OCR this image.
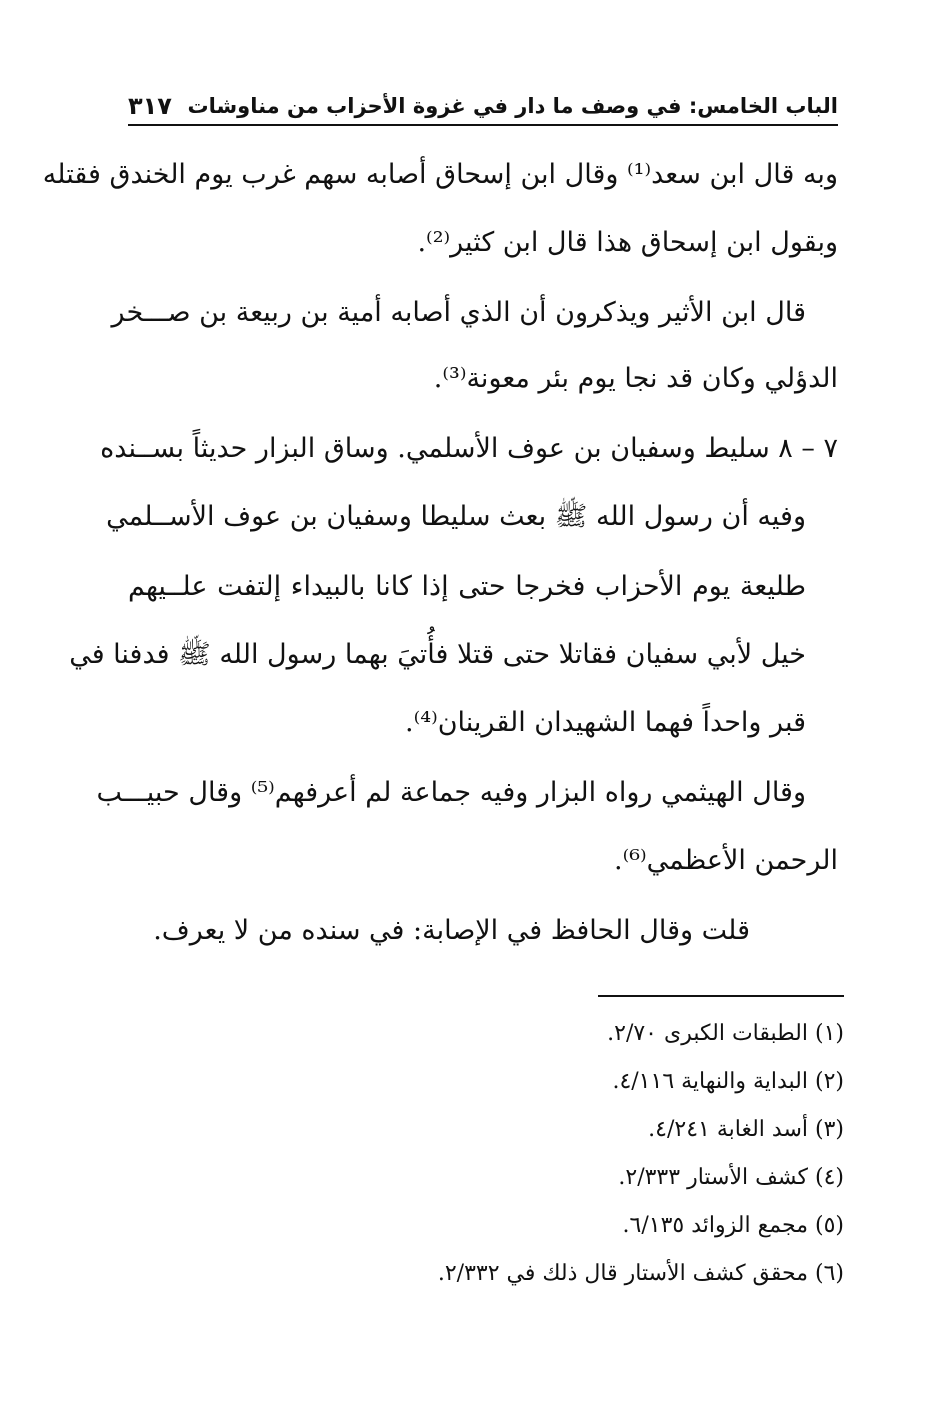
الباب الخامس: في وصف ما دار في غزوة الأحزاب من مناوشات
٣١٧
وبه قال ابن سعد⁽¹⁾ وقال ابن إسحاق أصابه سهم غرب يوم الخندق فقتله
وبقول ابن إسحاق هذا قال ابن كثير⁽²⁾.
قال ابن الأثير ويذكرون أن الذي أصابه أمية بن ربيعة بن صـــخر
الدؤلي وكان قد نجا يوم بئر معونة⁽³⁾.
٧ – ٨ سليط وسفيان بن عوف الأسلمي. وساق البزار حديثاً بســنده
وفيه أن رسول الله ﷺ بعث سليطا وسفيان بن عوف الأســلمي
طليعة يوم الأحزاب فخرجا حتى إذا كانا بالبيداء إلتفت علــيهم
خيل لأبي سفيان فقاتلا حتى قتلا فأُتيَ بهما رسول الله ﷺ فدفنا في
قبر واحداً فهما الشهيدان القرينان⁽⁴⁾.
وقال الهيثمي رواه البزار وفيه جماعة لم أعرفهم⁽⁵⁾ وقال حبيـــب
الرحمن الأعظمي⁽⁶⁾.
قلت وقال الحافظ في الإصابة: في سنده من لا يعرف.
(١) الطبقات الكبرى ٢/٧٠.
(٢) البداية والنهاية ٤/١١٦.
(٣) أسد الغابة ٤/٢٤١.
(٤) كشف الأستار ٢/٣٣٣.
(٥) مجمع الزوائد ٦/١٣٥.
(٦) محقق كشف الأستار قال ذلك في ٢/٣٣٢.
